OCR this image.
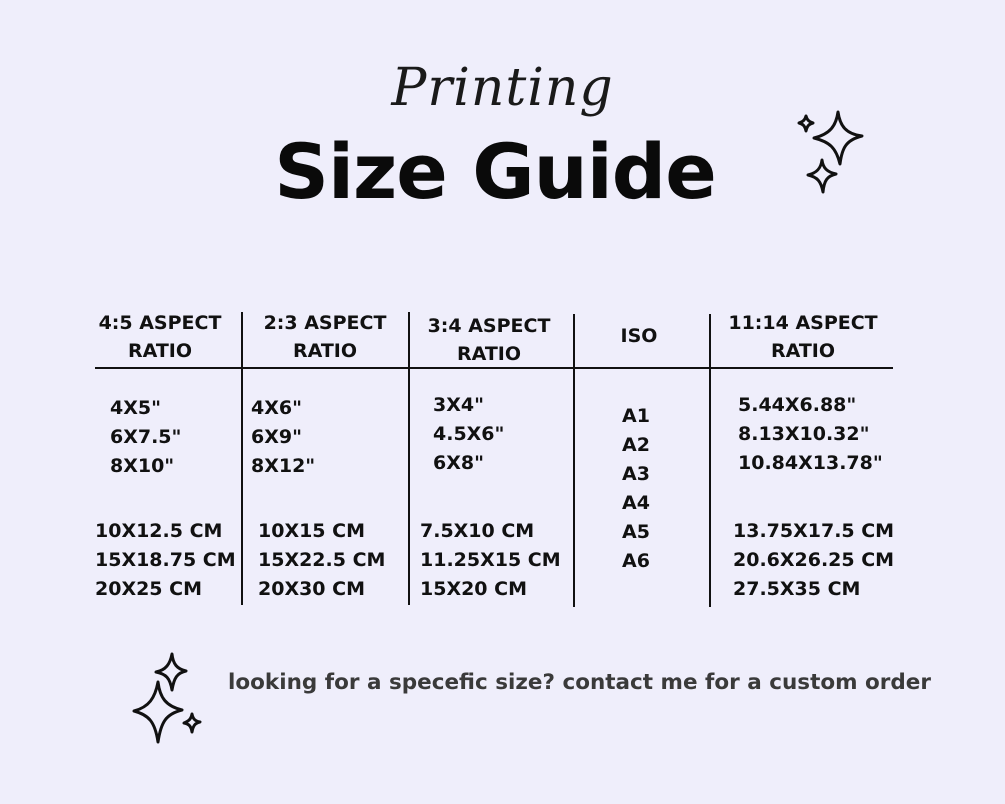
Printing
Size Guide
4:5 ASPECT
RATIO
2:3 ASPECT
RATIO
3:4 ASPECT
RATIO
ISO
11:14 ASPECT
RATIO
4X5"
6X7.5"
8X10"
10X12.5 CM
15X18.75 CM
20X25 CM
4X6"
6X9"
8X12"
10X15 CM
15X22.5 CM
20X30 CM
3X4"
4.5X6"
6X8"
7.5X10 CM
11.25X15 CM
15X20 CM
A1
A2
A3
A4
A5
A6
5.44X6.88"
8.13X10.32"
10.84X13.78"
13.75X17.5 CM
20.6X26.25 CM
27.5X35 CM
looking for a specefic size? contact me for a custom order
